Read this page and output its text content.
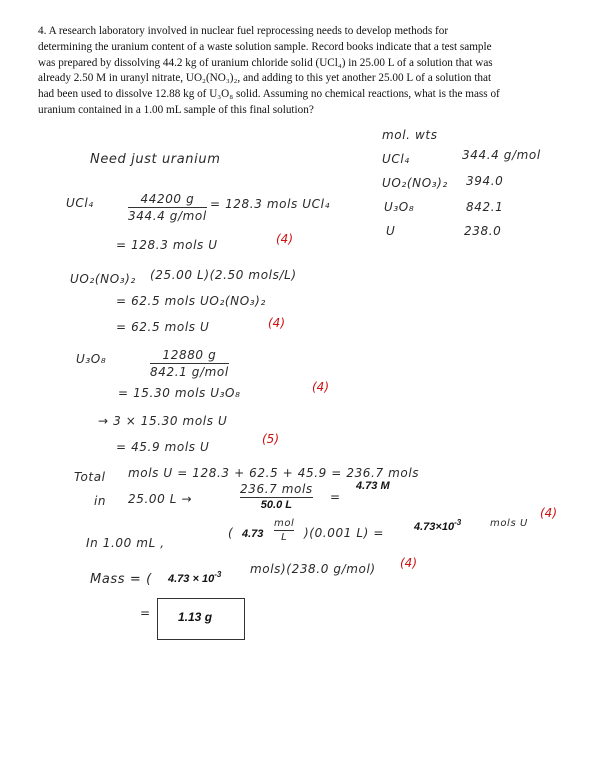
4. A research laboratory involved in nuclear fuel reprocessing needs to develop methods for
determining the uranium content of a waste solution sample. Record books indicate that a test sample
was prepared by dissolving 44.2 kg of uranium chloride solid (UCl₄) in 25.00 L of a solution that was
already 2.50 M in uranyl nitrate, UO₂(NO₃)₂, and adding to this yet another 25.00 L of a solution that
had been used to dissolve 12.88 kg of U₃O₈ solid. Assuming no chemical reactions, what is the mass of
uranium contained in a 1.00 mL sample of this final solution?
mol. wts
UCl₄	344.4 g/mol
UO₂(NO₃)₂ 394.0
U₃O₈	842.1
U	238.0
Need just uranium
UCl₄	44200 g
344.4 g/mol
= 128.3 mols UCl₄
= 128.3 mols U	(4)
UO₂(NO₃)₂ (25.00 L)(2.50 mols/L)
= 62.5 mols UO₂(NO₃)₂
= 62.5 mols U	(4)
U₃O₈	12880 g
842.1 g/mol
= 15.30 mols U₃O₈	(4)
→ 3 × 15.30 mols U
= 45.9 mols U
(5)
Total mols U = 128.3 + 62.5 + 45.9 = 236.7 mols
in 25.00 L →
236.7 mols
50.0 L
=
4.73 M
In 1.00 mL ,
( 4.73
mol
L	)(0.001 L) =	$4.73\times 10^{-3}$	mols U
(4)
Mass = ( $4.73 \times 10^{-3}$ mols)(238.0 g/mol) (4)
= 1.13 g
